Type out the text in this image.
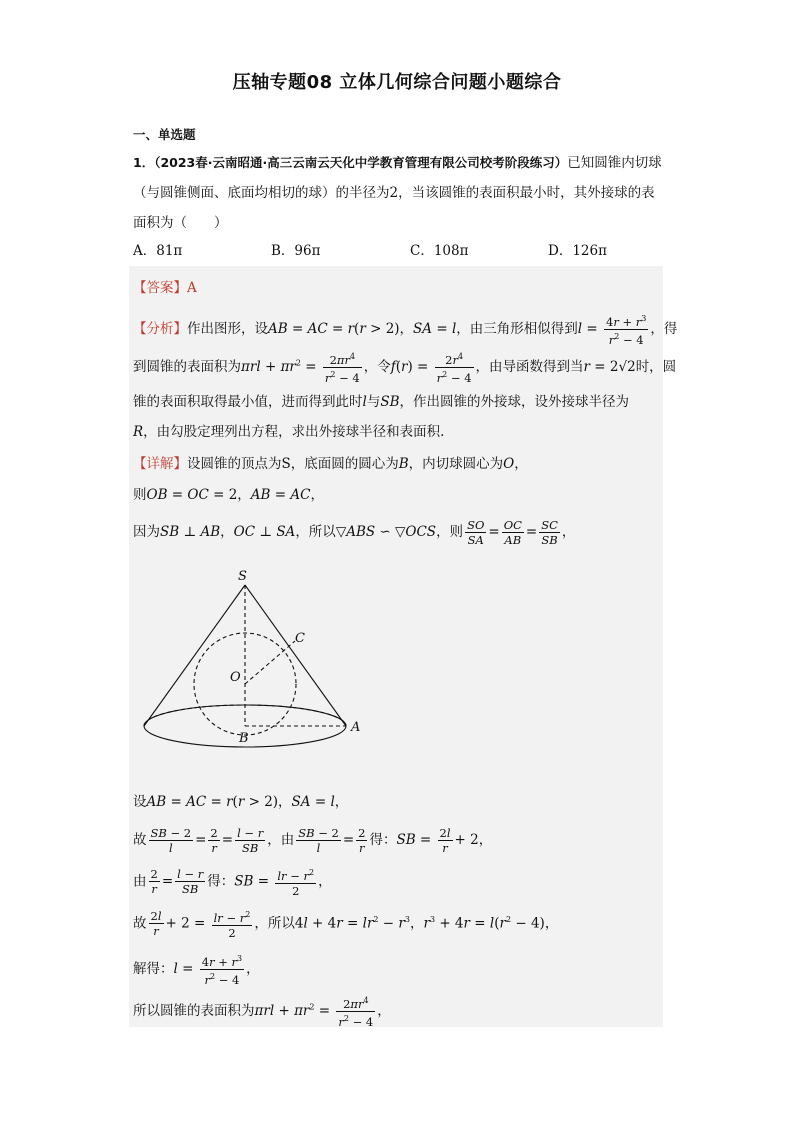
压轴专题08 立体几何综合问题小题综合
一、单选题
1．（2023春·云南昭通·高三云南云天化中学教育管理有限公司校考阶段练习）已知圆锥内切球（与圆锥侧面、底面均相切的球）的半径为2，当该圆锥的表面积最小时，其外接球的表面积为（　　）
A．81π	B．96π	C．108π	D．126π
【答案】A
【分析】作出图形，设AB = AC = r(r > 2)，SA = l，由三角形相似得到$l = \frac{4r + r^3}{r^2 - 4}$ ，得
到圆锥的表面积为$\pi rl + \pi r^2 = \frac{2\pi r^4}{r^2 - 4}$ ，令$f(r) = \frac{2r^4}{r^2 - 4}$ ，由导函数得到当r = 2√2时，圆
锥的表面积取得最小值，进而得到此时l与SB，作出圆锥的外接球，设外接球半径为
R，由勾股定理列出方程，求出外接球半径和表面积.
【详解】设圆锥的顶点为S，底面圆的圆心为B，内切球圆心为O，
则OB = OC = 2，AB = AC，
因为SB ⊥ AB，OC ⊥ SA，所以▽ABS ∽ ▽OCS，则 $\frac{SO}{SA} = \frac{OC}{AB} = \frac{SC}{SB}$ ，
S
C
O
B
A
设AB = AC = r(r > 2)，SA = l，
故 $\frac{SB - 2}{l} = \frac{2}{r} = \frac{l - r}{SB}$ ，由 $\frac{SB - 2}{l} = \frac{2}{r}$ 得：SB = $\frac{2l}{r} + 2$，
由 $\frac{2}{r} = \frac{l - r}{SB}$ 得：SB = $\frac{lr - r^2}{2}$ ，
故 $\frac{2l}{r} + 2 = \frac{lr - r^2}{2}$ ，所以$4l + 4r = lr^2 - r^3$，$r^3 + 4r = l(r^2 - 4)$，
解得：$l = \frac{4r + r^3}{r^2 - 4}$ ，
所以圆锥的表面积为$\pi rl + \pi r^2 = \frac{2\pi r^4}{r^2 - 4}$ ，
